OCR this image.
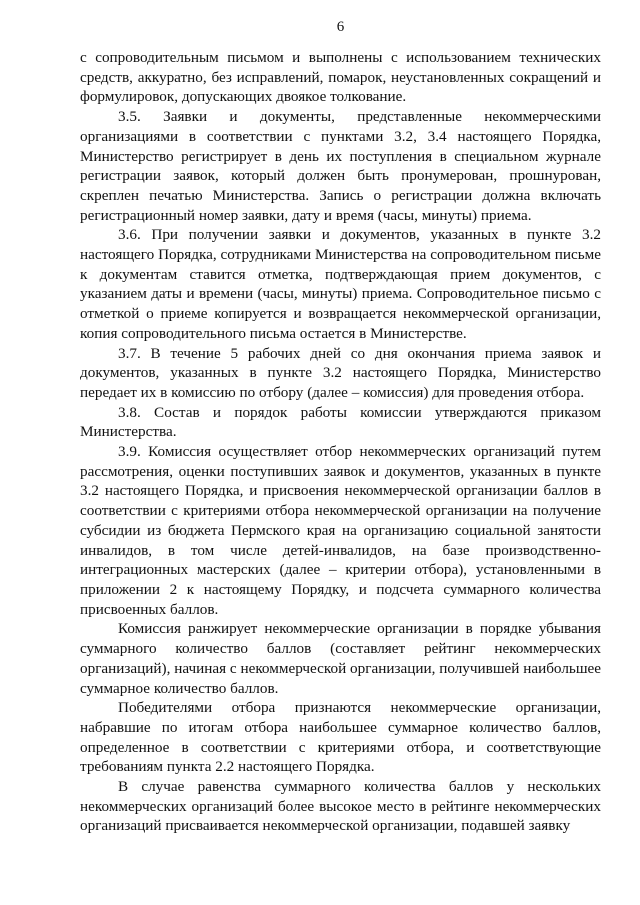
6

с сопроводительным письмом и выполнены с использованием технических средств, аккуратно, без исправлений, помарок, неустановленных сокращений и формулировок, допускающих двоякое толкование.

3.5. Заявки и документы, представленные некоммерческими организациями в соответствии с пунктами 3.2, 3.4 настоящего Порядка, Министерство регистрирует в день их поступления в специальном журнале регистрации заявок, который должен быть пронумерован, прошнурован, скреплен печатью Министерства. Запись о регистрации должна включать регистрационный номер заявки, дату и время (часы, минуты) приема.

3.6. При получении заявки и документов, указанных в пункте 3.2 настоящего Порядка, сотрудниками Министерства на сопроводительном письме к документам ставится отметка, подтверждающая прием документов, с указанием даты и времени (часы, минуты) приема. Сопроводительное письмо с отметкой о приеме копируется и возвращается некоммерческой организации, копия сопроводительного письма остается в Министерстве.

3.7. В течение 5 рабочих дней со дня окончания приема заявок и документов, указанных в пункте 3.2 настоящего Порядка, Министерство передает их в комиссию по отбору (далее – комиссия) для проведения отбора.

3.8. Состав и порядок работы комиссии утверждаются приказом Министерства.

3.9. Комиссия осуществляет отбор некоммерческих организаций путем рассмотрения, оценки поступивших заявок и документов, указанных в пункте 3.2 настоящего Порядка, и присвоения некоммерческой организации баллов в соответствии с критериями отбора некоммерческой организации на получение субсидии из бюджета Пермского края на организацию социальной занятости инвалидов, в том числе детей-инвалидов, на базе производственно-интеграционных мастерских (далее – критерии отбора), установленными в приложении 2 к настоящему Порядку, и подсчета суммарного количества присвоенных баллов.

Комиссия ранжирует некоммерческие организации в порядке убывания суммарного количество баллов (составляет рейтинг некоммерческих организаций), начиная с некоммерческой организации, получившей наибольшее суммарное количество баллов.

Победителями отбора признаются некоммерческие организации, набравшие по итогам отбора наибольшее суммарное количество баллов, определенное в соответствии с критериями отбора, и соответствующие требованиям пункта 2.2 настоящего Порядка.

В случае равенства суммарного количества баллов у нескольких некоммерческих организаций более высокое место в рейтинге некоммерческих организаций присваивается некоммерческой организации, подавшей заявку
